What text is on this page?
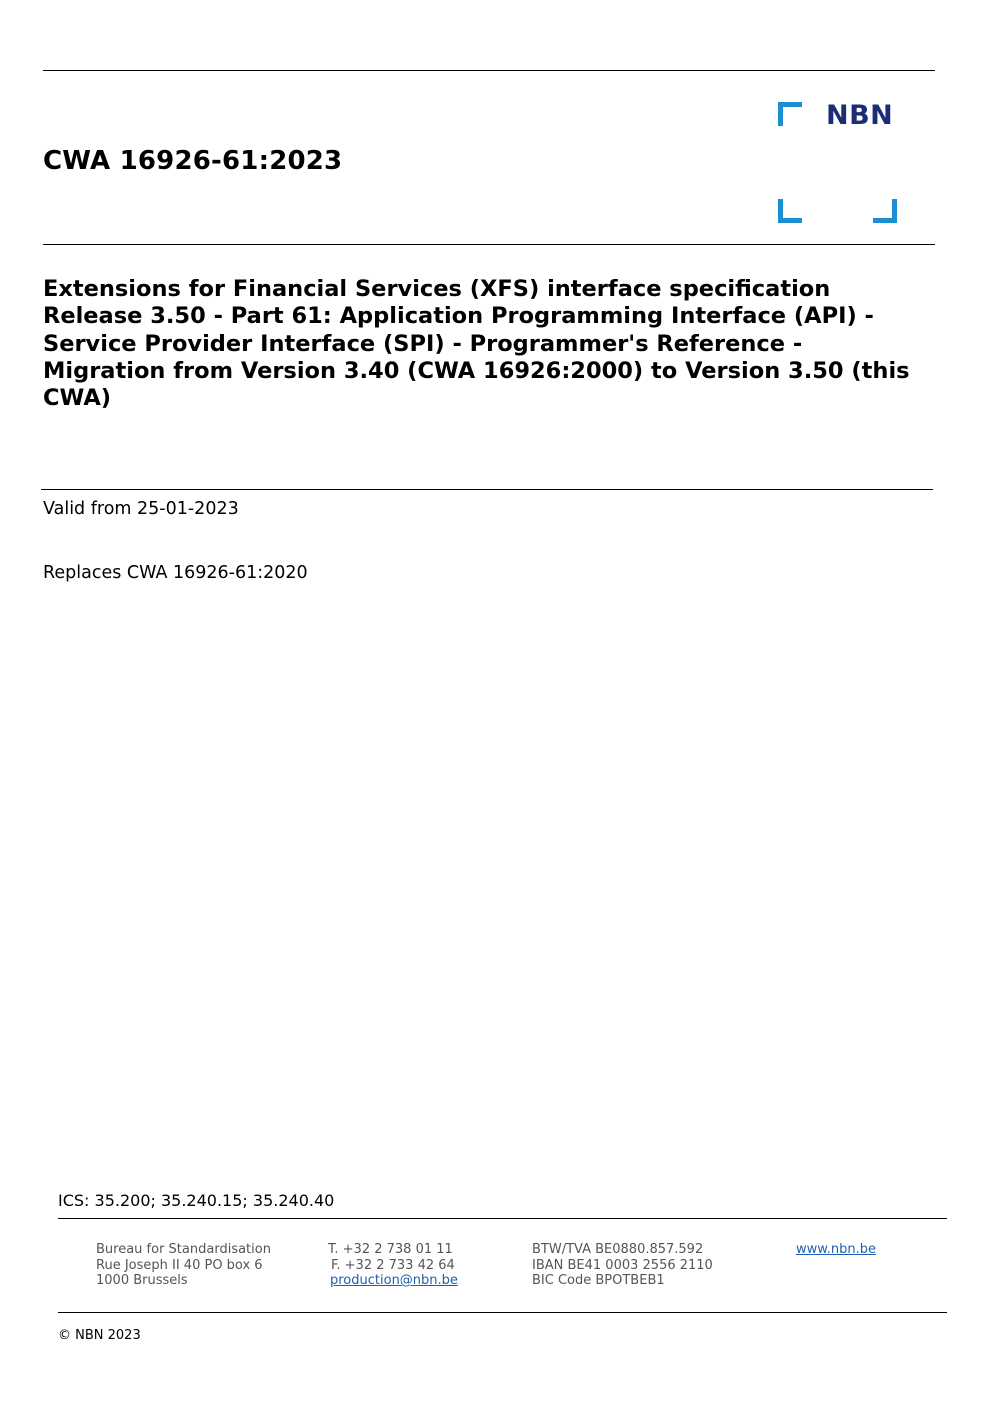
CWA 16926-61:2023
NBN
Extensions for Financial Services (XFS) interface specification Release 3.50 - Part 61: Application Programming Interface (API) - Service Provider Interface (SPI) - Programmer's Reference - Migration from Version 3.40 (CWA 16926:2000) to Version 3.50 (this CWA)
Valid from 25-01-2023
Replaces CWA 16926-61:2020
ICS: 35.200; 35.240.15; 35.240.40
Bureau for Standardisation
Rue Joseph II 40 PO box 6
1000 Brussels
T. +32 2 738 01 11
F. +32 2 733 42 64
production@nbn.be
BTW/TVA BE0880.857.592
IBAN BE41 0003 2556 2110
BIC Code BPOTBEB1
www.nbn.be
© NBN 2023
